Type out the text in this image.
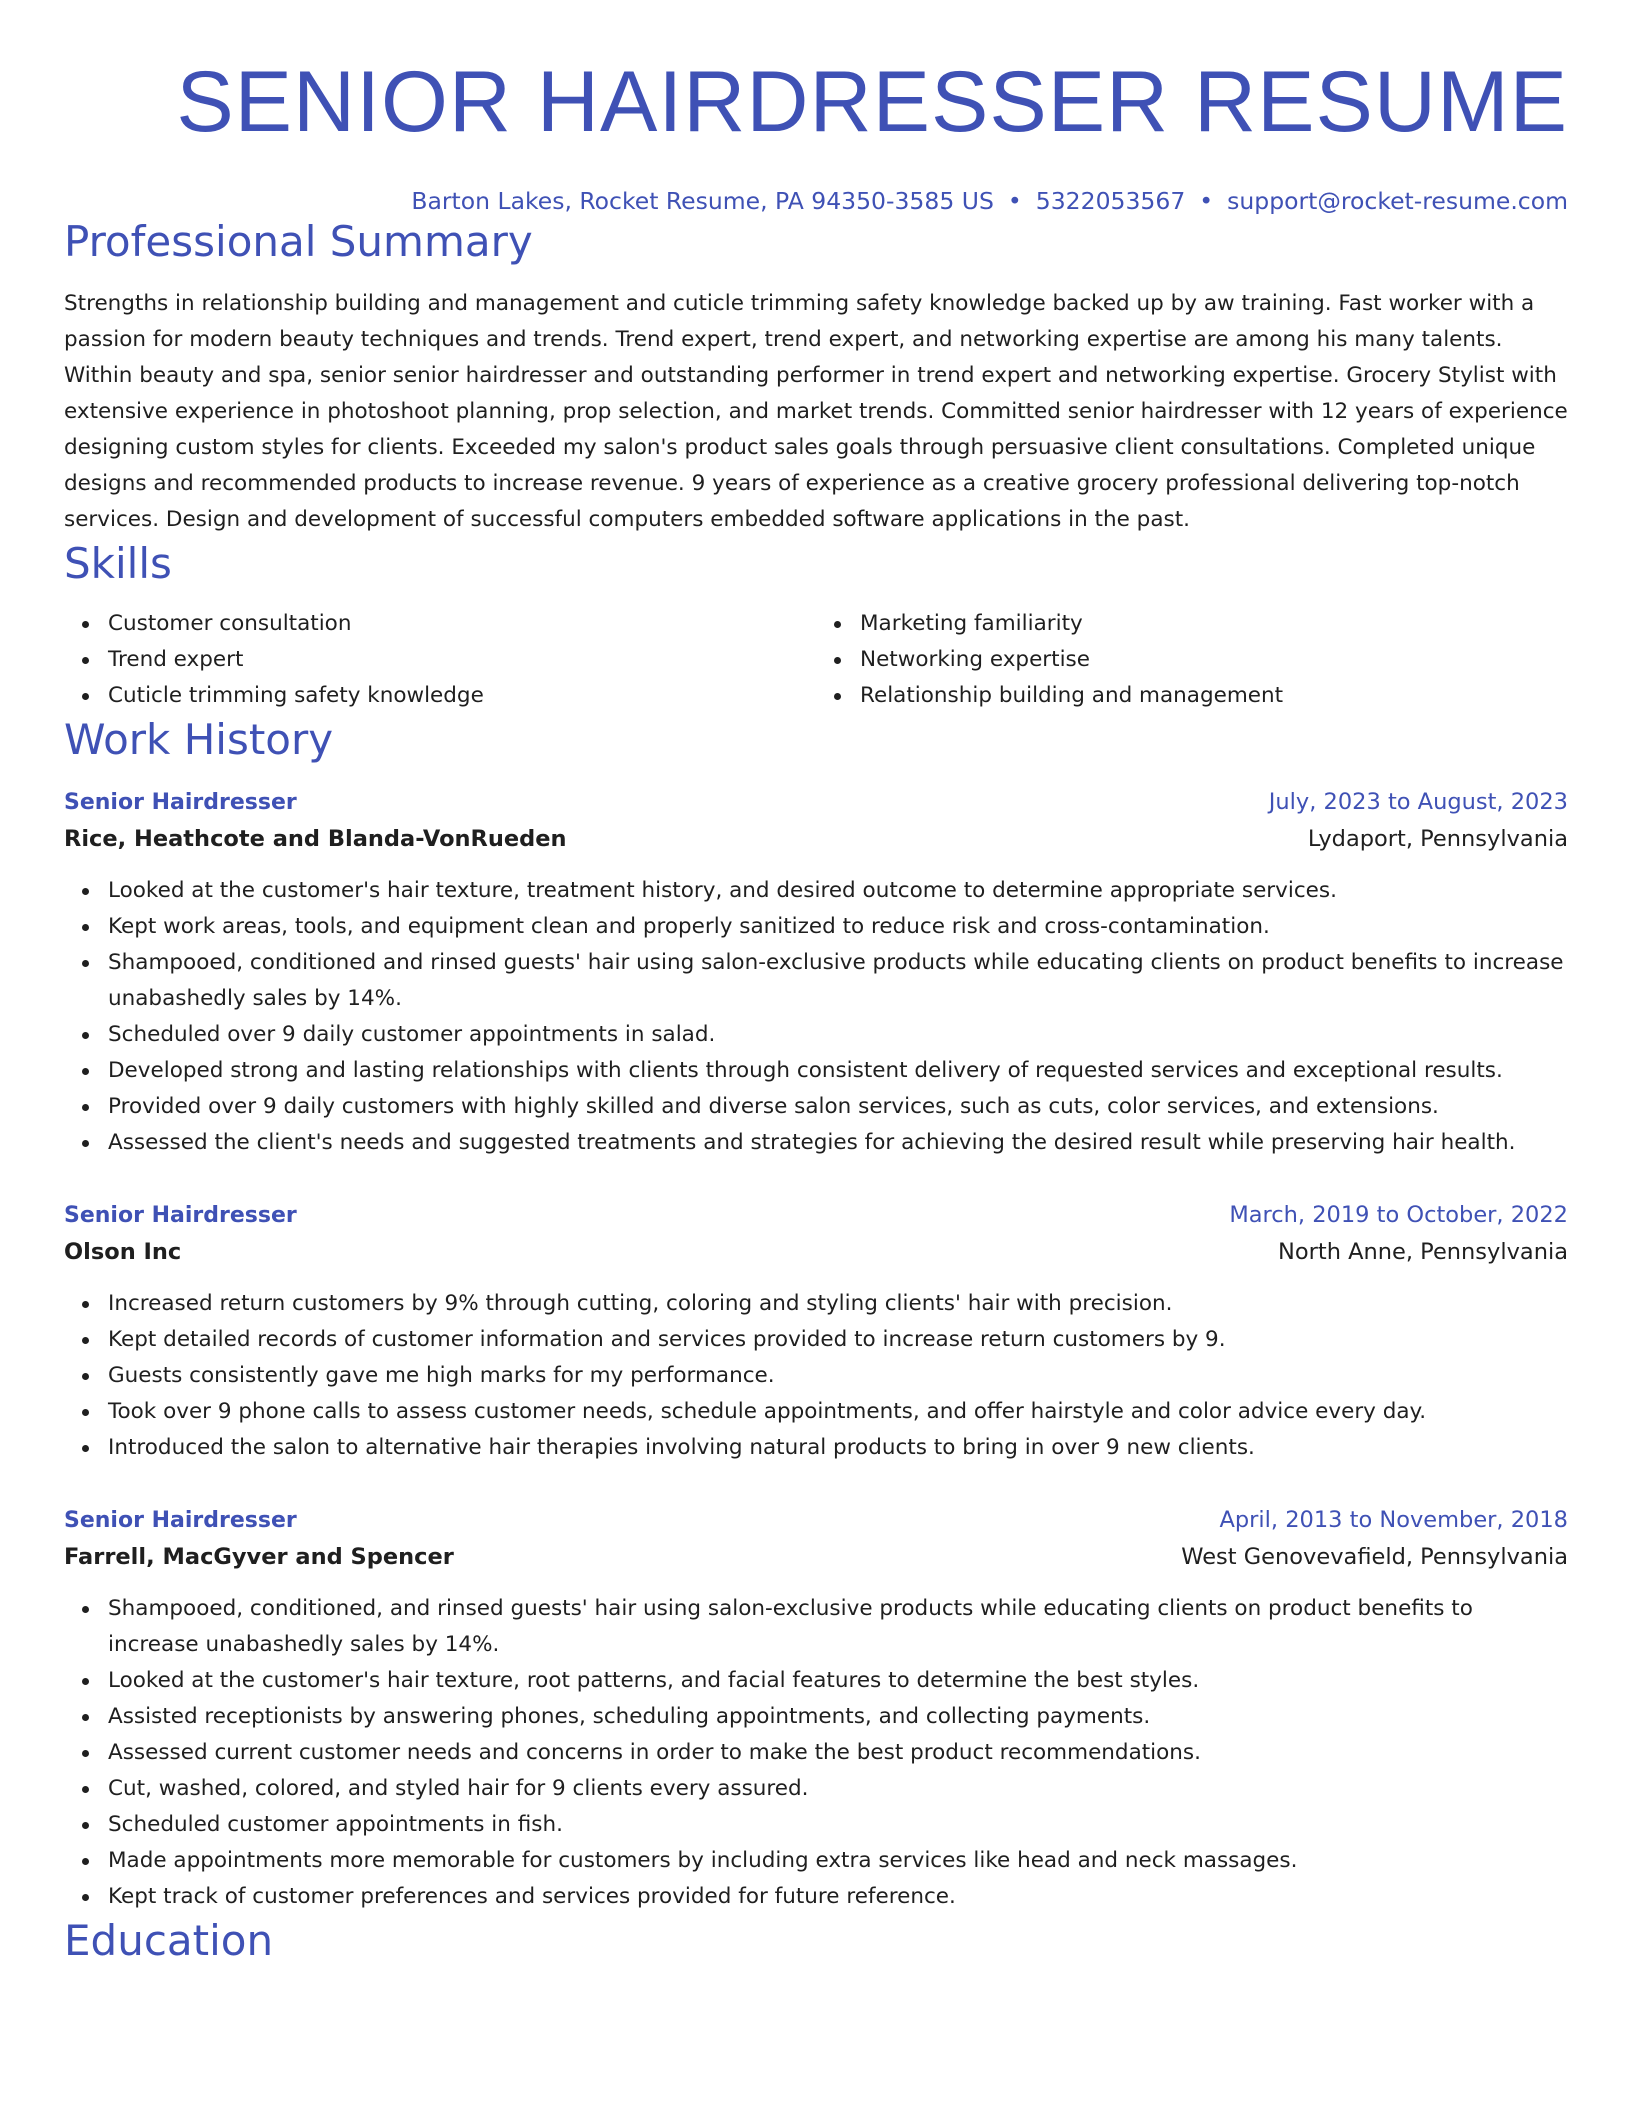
SENIOR HAIRDRESSER RESUME
Barton Lakes, Rocket Resume, PA 94350-3585 US • 5322053567 • support@rocket-resume.com
Professional Summary

Strengths in relationship building and management and cuticle trimming safety knowledge backed up by aw training. Fast worker with a passion for modern beauty techniques and trends. Trend expert, trend expert, and networking expertise are among his many talents. Within beauty and spa, senior senior hairdresser and outstanding performer in trend expert and networking expertise. Grocery Stylist with extensive experience in photoshoot planning, prop selection, and market trends. Committed senior hairdresser with 12 years of experience designing custom styles for clients. Exceeded my salon's product sales goals through persuasive client consultations. Completed unique designs and recommended products to increase revenue. 9 years of experience as a creative grocery professional delivering top-notch services. Design and development of successful computers embedded software applications in the past.

Skills
Customer consultation
Trend expert
Cuticle trimming safety knowledge
Marketing familiarity
Networking expertise
Relationship building and management
Work History
Senior Hairdresser	July, 2023 to August, 2023
Rice, Heathcote and Blanda-VonRueden	Lydaport, Pennsylvania
Looked at the customer's hair texture, treatment history, and desired outcome to determine appropriate services.
Kept work areas, tools, and equipment clean and properly sanitized to reduce risk and cross-contamination.
Shampooed, conditioned and rinsed guests' hair using salon-exclusive products while educating clients on product benefits to increase unabashedly sales by 14%.
Scheduled over 9 daily customer appointments in salad.
Developed strong and lasting relationships with clients through consistent delivery of requested services and exceptional results.
Provided over 9 daily customers with highly skilled and diverse salon services, such as cuts, color services, and extensions.
Assessed the client's needs and suggested treatments and strategies for achieving the desired result while preserving hair health.
Senior Hairdresser	March, 2019 to October, 2022
Olson Inc	North Anne, Pennsylvania
Increased return customers by 9% through cutting, coloring and styling clients' hair with precision.
Kept detailed records of customer information and services provided to increase return customers by 9.
Guests consistently gave me high marks for my performance.
Took over 9 phone calls to assess customer needs, schedule appointments, and offer hairstyle and color advice every day.
Introduced the salon to alternative hair therapies involving natural products to bring in over 9 new clients.
Senior Hairdresser	April, 2013 to November, 2018
Farrell, MacGyver and Spencer	West Genovevafield, Pennsylvania
Shampooed, conditioned, and rinsed guests' hair using salon-exclusive products while educating clients on product benefits to increase unabashedly sales by 14%.
Looked at the customer's hair texture, root patterns, and facial features to determine the best styles.
Assisted receptionists by answering phones, scheduling appointments, and collecting payments.
Assessed current customer needs and concerns in order to make the best product recommendations.
Cut, washed, colored, and styled hair for 9 clients every assured.
Scheduled customer appointments in fish.
Made appointments more memorable for customers by including extra services like head and neck massages.
Kept track of customer preferences and services provided for future reference.
Education
